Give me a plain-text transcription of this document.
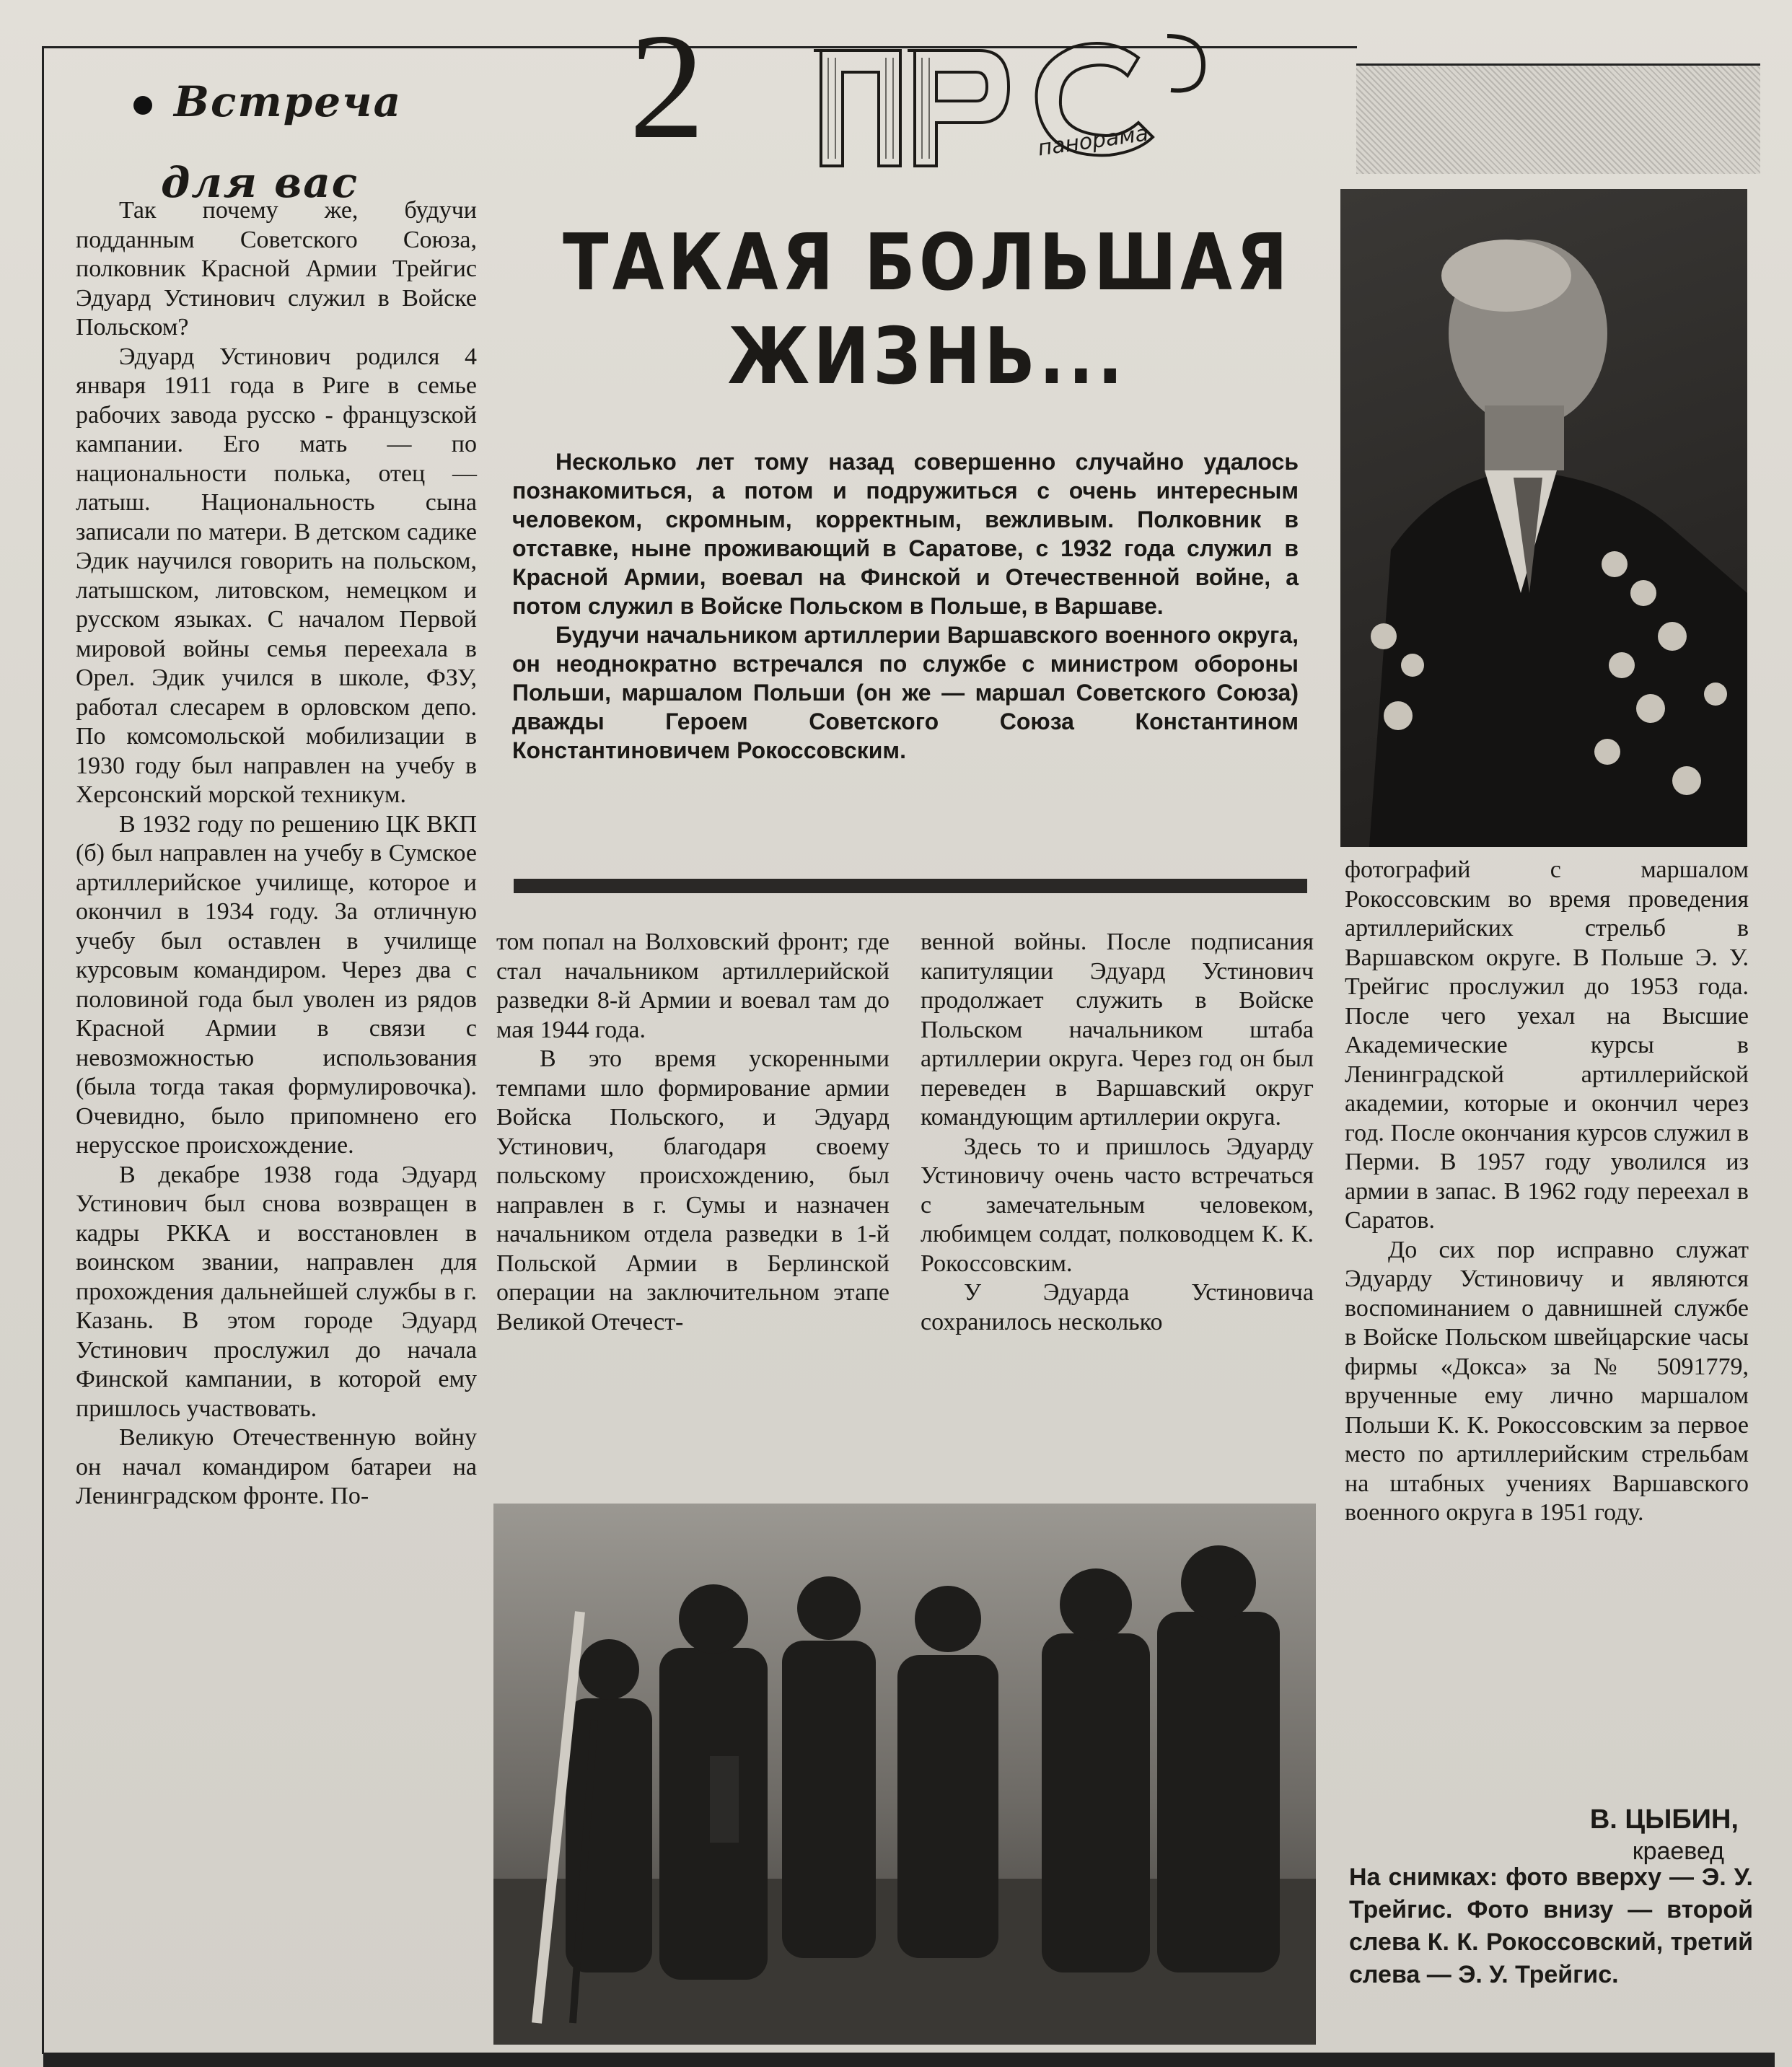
Встреча
для вас
2	панорама
ТАКАЯ БОЛЬШАЯ
ЖИЗНЬ...

Несколько лет тому назад совершенно случайно удалось познакомиться, а потом и подружиться с очень интересным человеком, скромным, корректным, вежливым. Полковник в отставке, ныне проживающий в Саратове, с 1932 года служил в Красной Армии, воевал на Финской и Отечественной войне, а потом служил в Войске Польском в Польше, в Варшаве.

Будучи начальником артиллерии Варшавского военного округа, он неоднократно встречался по службе с министром обороны Польши, маршалом Польши (он же — маршал Советского Союза) дважды Героем Советского Союза Константином Константиновичем Рокоссовским.

Так почему же, будучи подданным Советского Союза, полковник Красной Армии Трейгис Эдуард Устинович служил в Войске Польском?

Эдуард Устинович родился 4 января 1911 года в Риге в семье рабочих завода русско - французской кампании. Его мать — по национальности полька, отец — латыш. Национальность сына записали по матери. В детском садике Эдик научился говорить на польском, латышском, литовском, немецком и русском языках. С началом Первой мировой войны семья переехала в Орел. Эдик учился в школе, ФЗУ, работал слесарем в орловском депо. По комсомольской мобилизации в 1930 году был направлен на учебу в Херсонский морской техникум.

В 1932 году по решению ЦК ВКП (б) был направлен на учебу в Сумское артиллерийское училище, которое и окончил в 1934 году. За отличную учебу был оставлен в училище курсовым командиром. Через два с половиной года был уволен из рядов Красной Армии в связи с невозможностью использования (была тогда такая формулировочка). Очевидно, было припомнено его нерусское происхождение.

В декабре 1938 года Эдуард Устинович был снова возвращен в кадры РККА и восстановлен в воинском звании, направлен для прохождения дальнейшей службы в г. Казань. В этом городе Эдуард Устинович прослужил до начала Финской кампании, в которой ему пришлось участвовать.

Великую Отечественную войну он начал командиром батареи на Ленинградском фронте. По-

том попал на Волховский фронт; где стал начальником артиллерийской разведки 8-й Армии и воевал там до мая 1944 года.

В это время ускоренными темпами шло формирование армии Войска Польского, и Эдуард Устинович, благодаря своему польскому происхождению, был направлен в г. Сумы и назначен начальником отдела разведки в 1-й Польской Армии в Берлинской операции на заключительном этапе Великой Отечест-

венной войны. После подписания капитуляции Эдуард Устинович продолжает служить в Войске Польском начальником штаба артиллерии округа. Через год он был переведен в Варшавский округ командующим артиллерии округа.

Здесь то и пришлось Эдуарду Устиновичу очень часто встречаться с замечательным человеком, любимцем солдат, полководцем К. К. Рокоссовским.

У Эдуарда Устиновича сохранилось несколько

фотографий с маршалом Рокоссовским во время проведения артиллерийских стрельб в Варшавском округе. В Польше Э. У. Трейгис прослужил до 1953 года. После чего уехал на Высшие Академические курсы в Ленинградской артиллерийской академии, которые и окончил через год. После окончания курсов служил в Перми. В 1957 году уволился из армии в запас. В 1962 году переехал в Саратов.

До сих пор исправно служат Эдуарду Устиновичу и являются воспоминанием о давнишней службе в Войске Польском швейцарские часы фирмы «Докса» за № 5091779, врученные ему лично маршалом Польши К. К. Рокоссовским за первое место по артиллерийским стрельбам на штабных учениях Варшавского военного округа в 1951 году.

В. ЦЫБИН,
краевед
На снимках: фото вверху — Э. У. Трейгис. Фото внизу — второй слева К. К. Рокоссовский, третий слева — Э. У. Трейгис.
